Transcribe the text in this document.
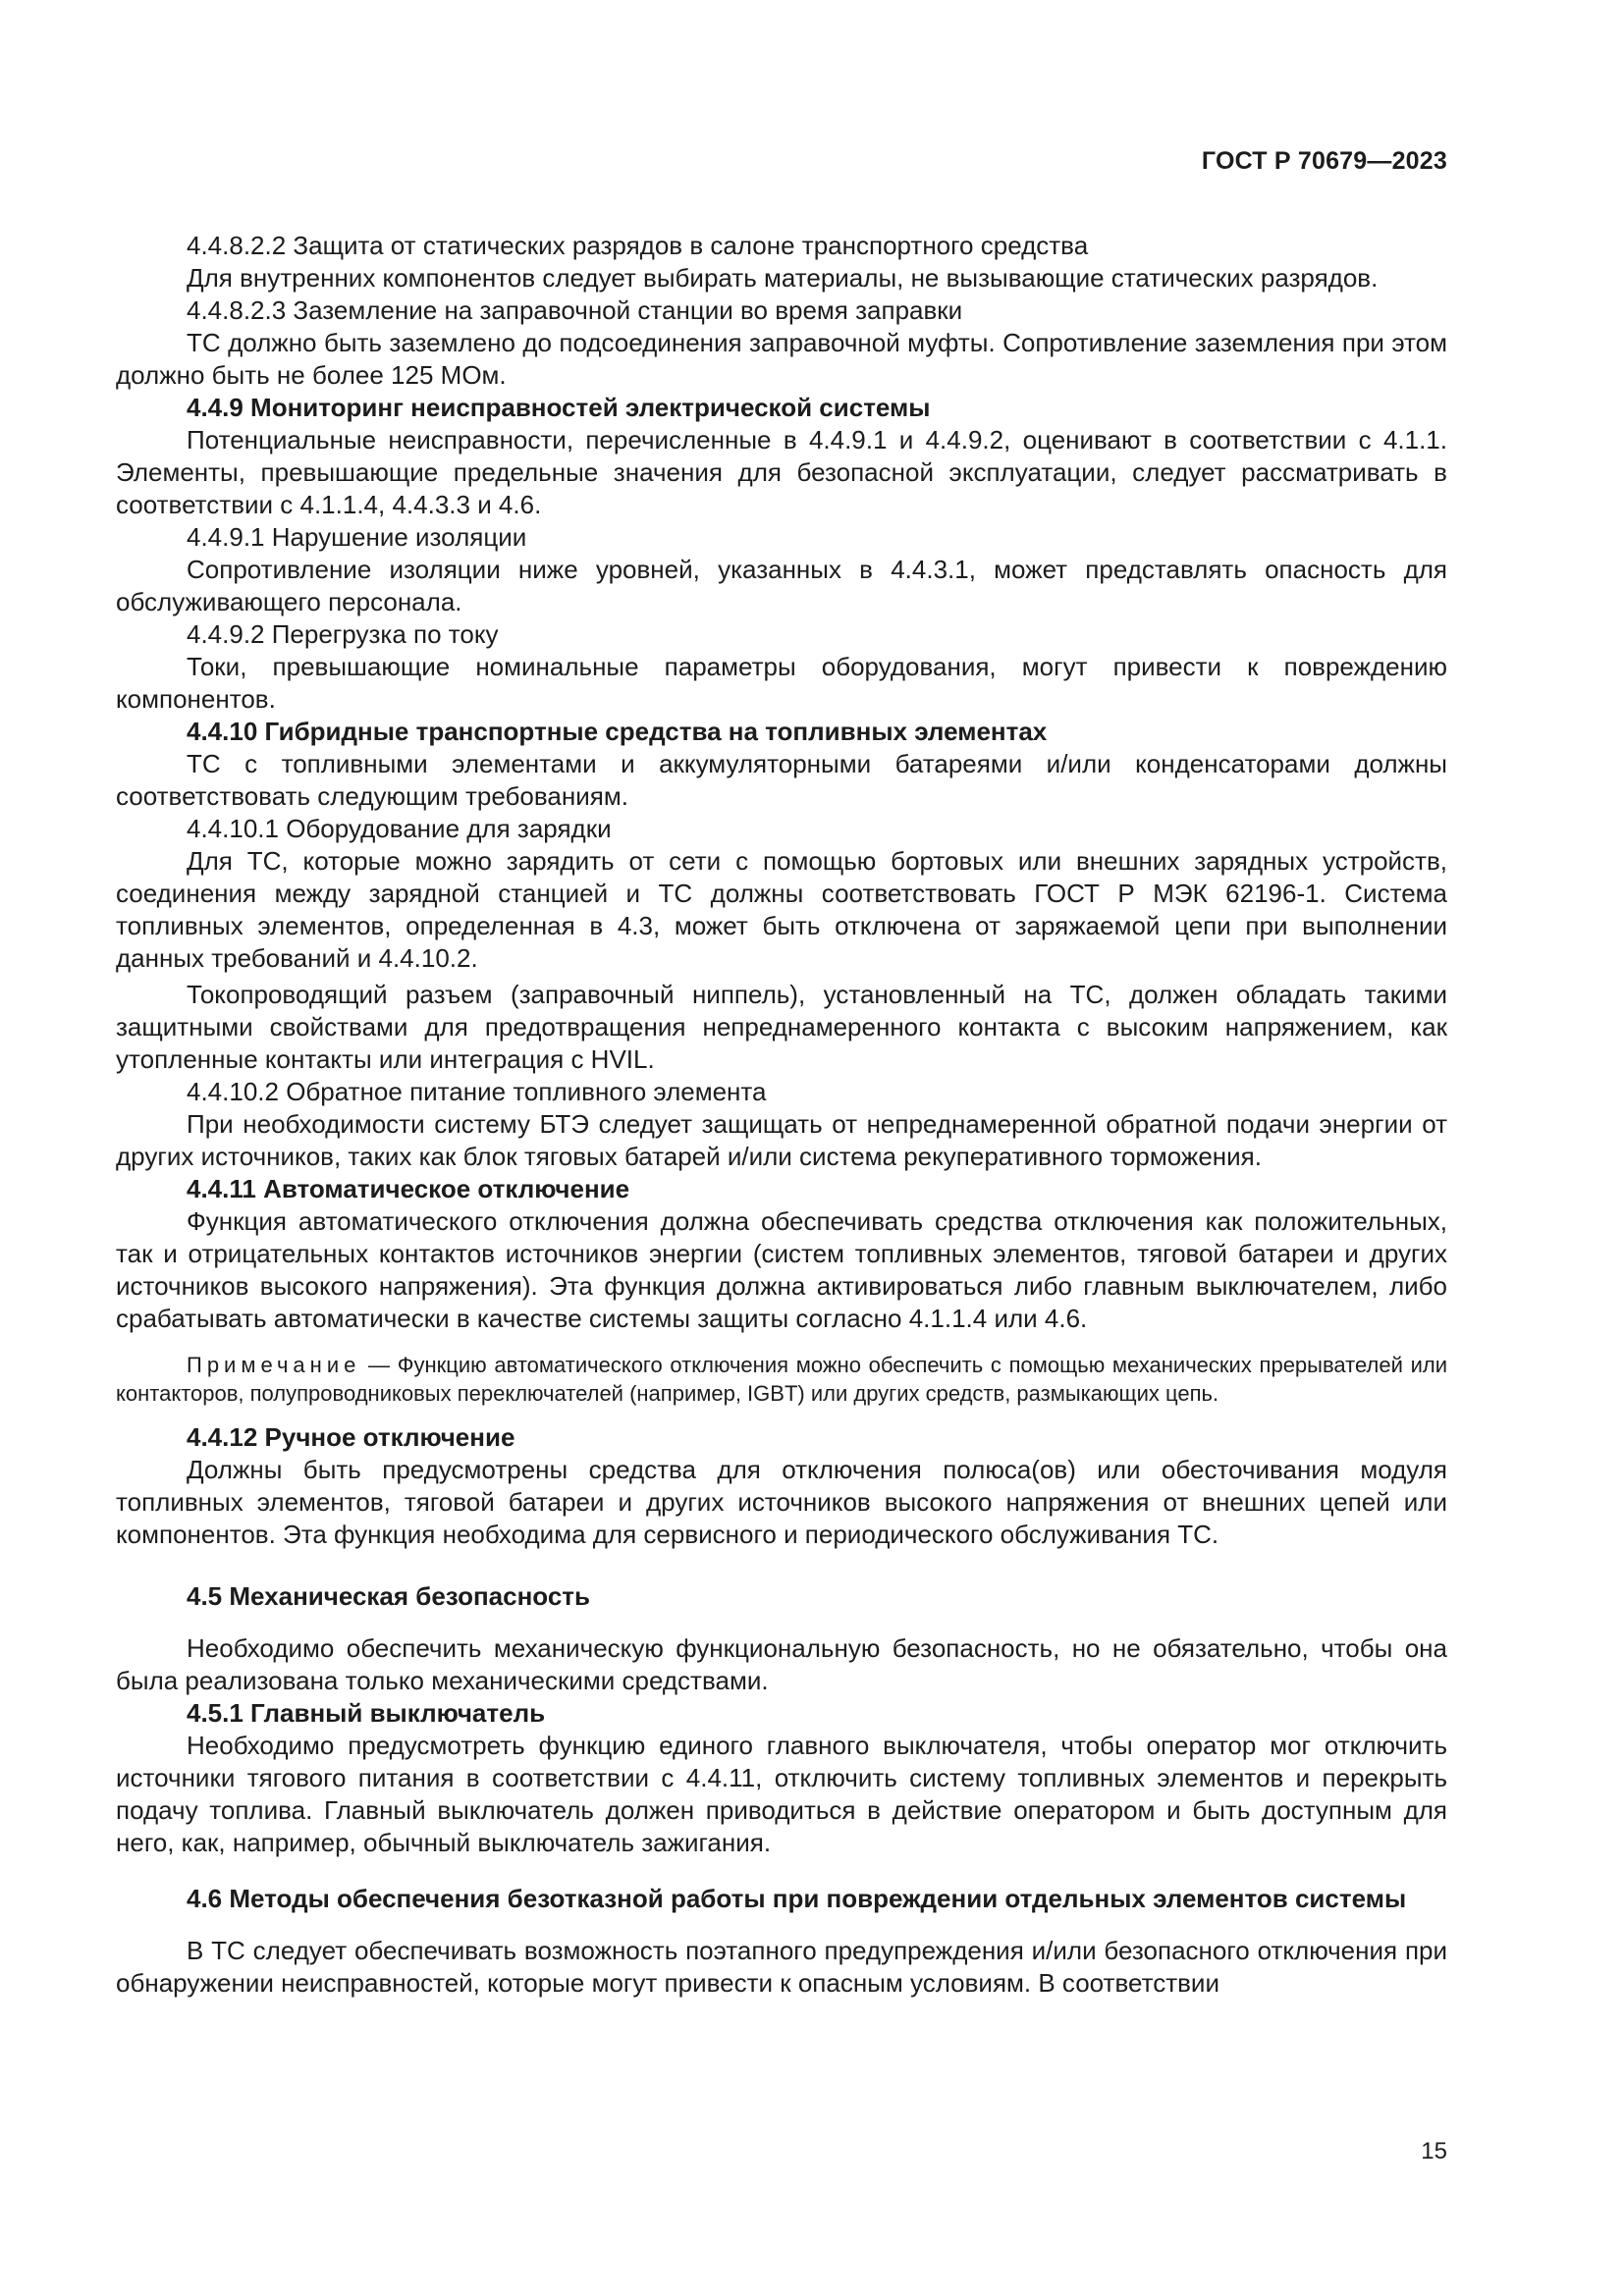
ГОСТ Р 70679—2023

4.4.8.2.2 Защита от статических разрядов в салоне транспортного средства

Для внутренних компонентов следует выбирать материалы, не вызывающие статических разрядов.

4.4.8.2.3 Заземление на заправочной станции во время заправки

ТС должно быть заземлено до подсоединения заправочной муфты. Сопротивление заземления при этом должно быть не более 125 МОм.

4.4.9 Мониторинг неисправностей электрической системы

Потенциальные неисправности, перечисленные в 4.4.9.1 и 4.4.9.2, оценивают в соответствии с 4.1.1. Элементы, превышающие предельные значения для безопасной эксплуатации, следует рассматривать в соответствии с 4.1.1.4, 4.4.3.3 и 4.6.

4.4.9.1 Нарушение изоляции

Сопротивление изоляции ниже уровней, указанных в 4.4.3.1, может представлять опасность для обслуживающего персонала.

4.4.9.2 Перегрузка по току

Токи, превышающие номинальные параметры оборудования, могут привести к повреждению компонентов.

4.4.10 Гибридные транспортные средства на топливных элементах

ТС с топливными элементами и аккумуляторными батареями и/или конденсаторами должны соответствовать следующим требованиям.

4.4.10.1 Оборудование для зарядки

Для ТС, которые можно зарядить от сети с помощью бортовых или внешних зарядных устройств, соединения между зарядной станцией и ТС должны соответствовать ГОСТ Р МЭК 62196-1. Система топливных элементов, определенная в 4.3, может быть отключена от заряжаемой цепи при выполнении данных требований и 4.4.10.2.

Токопроводящий разъем (заправочный ниппель), установленный на ТС, должен обладать такими защитными свойствами для предотвращения непреднамеренного контакта с высоким напряжением, как утопленные контакты или интеграция с HVIL.

4.4.10.2 Обратное питание топливного элемента

При необходимости систему БТЭ следует защищать от непреднамеренной обратной подачи энергии от других источников, таких как блок тяговых батарей и/или система рекуперативного торможения.

4.4.11 Автоматическое отключение

Функция автоматического отключения должна обеспечивать средства отключения как положительных, так и отрицательных контактов источников энергии (систем топливных элементов, тяговой батареи и других источников высокого напряжения). Эта функция должна активироваться либо главным выключателем, либо срабатывать автоматически в качестве системы защиты согласно 4.1.1.4 или 4.6.

Примечание — Функцию автоматического отключения можно обеспечить с помощью механических прерывателей или контакторов, полупроводниковых переключателей (например, IGBT) или других средств, размыкающих цепь.

4.4.12 Ручное отключение

Должны быть предусмотрены средства для отключения полюса(ов) или обесточивания модуля топливных элементов, тяговой батареи и других источников высокого напряжения от внешних цепей или компонентов. Эта функция необходима для сервисного и периодического обслуживания ТС.

4.5 Механическая безопасность

Необходимо обеспечить механическую функциональную безопасность, но не обязательно, чтобы она была реализована только механическими средствами.

4.5.1 Главный выключатель

Необходимо предусмотреть функцию единого главного выключателя, чтобы оператор мог отключить источники тягового питания в соответствии с 4.4.11, отключить систему топливных элементов и перекрыть подачу топлива. Главный выключатель должен приводиться в действие оператором и быть доступным для него, как, например, обычный выключатель зажигания.

4.6 Методы обеспечения безотказной работы при повреждении отдельных элементов системы

В ТС следует обеспечивать возможность поэтапного предупреждения и/или безопасного отключения при обнаружении неисправностей, которые могут привести к опасным условиям. В соответствии

15
